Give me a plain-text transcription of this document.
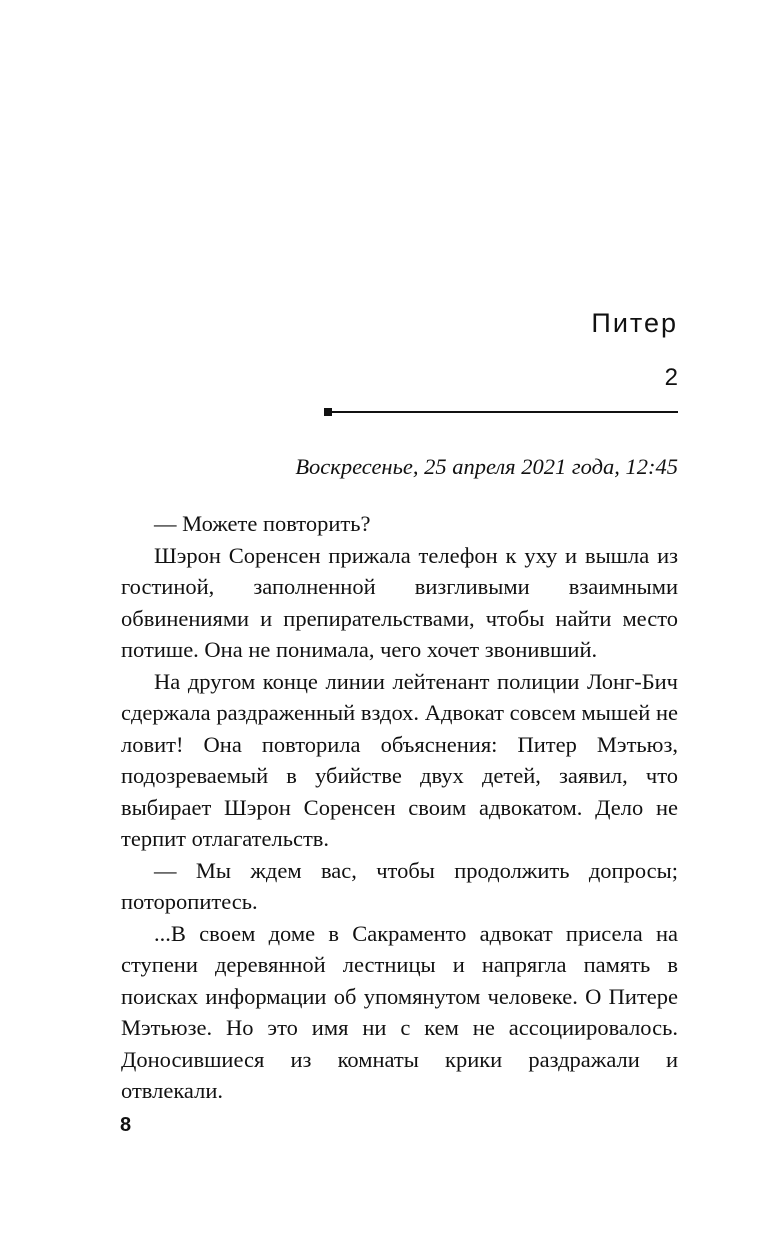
Питер
2

Воскресенье, 25 апреля 2021 года, 12:45

— Можете повторить?

Шэрон Соренсен прижала телефон к уху и вышла из гостиной, заполненной визгливыми взаимными обвинениями и препирательствами, чтобы найти место потише. Она не понимала, чего хочет звонивший.

На другом конце линии лейтенант полиции Лонг-Бич сдержала раздраженный вздох. Адвокат совсем мышей не ловит! Она повторила объяснения: Питер Мэтьюз, подозреваемый в убийстве двух детей, заявил, что выбирает Шэрон Соренсен своим адвокатом. Дело не терпит отлагательств.

— Мы ждем вас, чтобы продолжить допросы; поторопитесь.

...В своем доме в Сакраменто адвокат присела на ступени деревянной лестницы и напрягла память в поисках информации об упомянутом человеке. О Питере Мэтьюзе. Но это имя ни с кем не ассоциировалось. Доносившиеся из комнаты крики раздражали и отвлекали.

8
